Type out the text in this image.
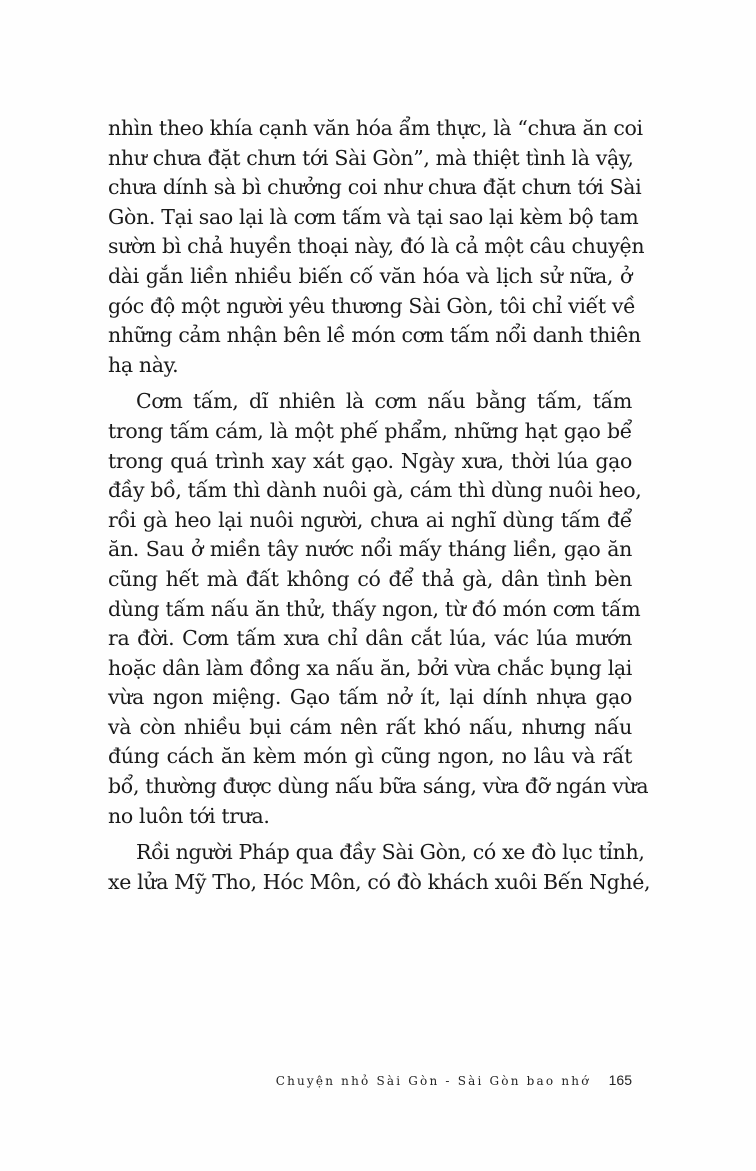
nhìn theo khía cạnh văn hóa ẩm thực, là “chưa ăn coi
như chưa đặt chưn tới Sài Gòn”, mà thiệt tình là vậy,
chưa dính sà bì chưởng coi như chưa đặt chưn tới Sài
Gòn. Tại sao lại là cơm tấm và tại sao lại kèm bộ tam
sườn bì chả huyền thoại này, đó là cả một câu chuyện
dài gắn liền nhiều biến cố văn hóa và lịch sử nữa, ở
góc độ một người yêu thương Sài Gòn, tôi chỉ viết về
những cảm nhận bên lề món cơm tấm nổi danh thiên
hạ này.
Cơm tấm, dĩ nhiên là cơm nấu bằng tấm, tấm
trong tấm cám, là một phế phẩm, những hạt gạo bể
trong quá trình xay xát gạo. Ngày xưa, thời lúa gạo
đầy bồ, tấm thì dành nuôi gà, cám thì dùng nuôi heo,
rồi gà heo lại nuôi người, chưa ai nghĩ dùng tấm để
ăn. Sau ở miền tây nước nổi mấy tháng liền, gạo ăn
cũng hết mà đất không có để thả gà, dân tình bèn
dùng tấm nấu ăn thử, thấy ngon, từ đó món cơm tấm
ra đời. Cơm tấm xưa chỉ dân cắt lúa, vác lúa mướn
hoặc dân làm đồng xa nấu ăn, bởi vừa chắc bụng lại
vừa ngon miệng. Gạo tấm nở ít, lại dính nhựa gạo
và còn nhiều bụi cám nên rất khó nấu, nhưng nấu
đúng cách ăn kèm món gì cũng ngon, no lâu và rất
bổ, thường được dùng nấu bữa sáng, vừa đỡ ngán vừa
no luôn tới trưa.
Rồi người Pháp qua đầy Sài Gòn, có xe đò lục tỉnh,
xe lửa Mỹ Tho, Hóc Môn, có đò khách xuôi Bến Nghé,
Chuyện nhỏ Sài Gòn - Sài Gòn bao nhớ 165
